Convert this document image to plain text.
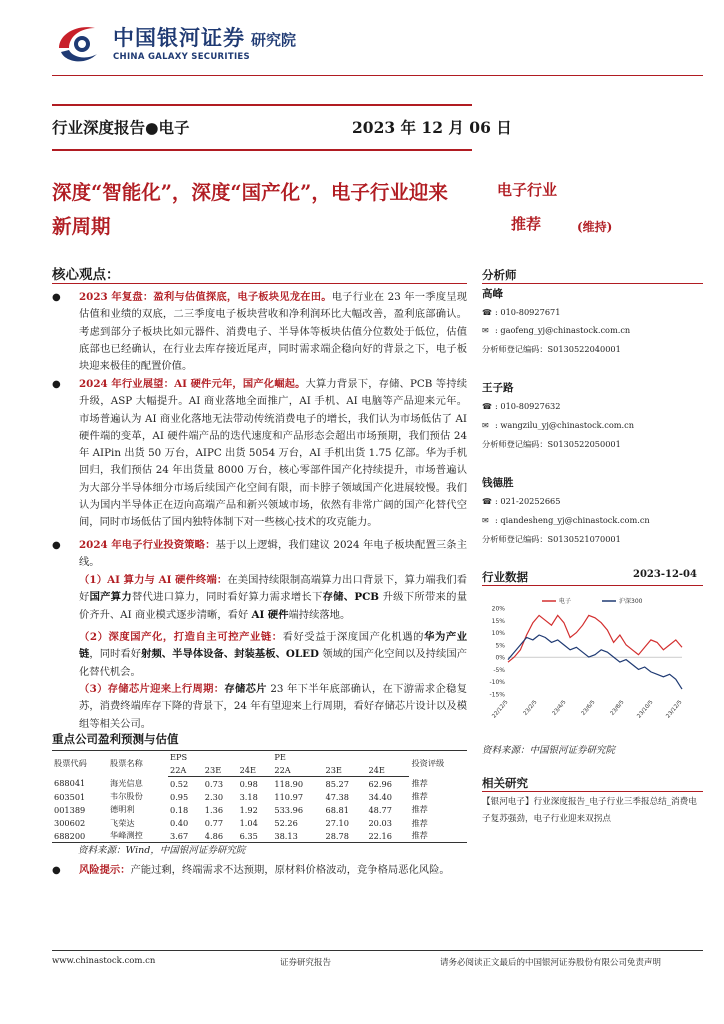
中国银河证券
CHINA GALAXY SECURITIES
研究院
行业深度报告●电子	2023 年 12 月 06 日
深度“智能化”，深度“国产化”，电子行业迎来
新周期
电子行业
推荐	(维持)
核心观点：
●	2023 年复盘：盈利与估值探底，电子板块见龙在田。电子行业在 23 年一季度呈现估值和业绩的双底，二三季度电子板块营收和净利润环比大幅改善，盈利底部确认。考虑到部分子板块比如元器件、消费电子、半导体等板块估值分位数处于低位，估值底部也已经确认，在行业去库存接近尾声，同时需求端企稳向好的背景之下，电子板块迎来极佳的配置价值。
●	2024 年行业展望：AI 硬件元年，国产化崛起。大算力背景下，存储、PCB 等持续升级，ASP 大幅提升。AI 商业落地全面推广，AI 手机、AI 电脑等产品迎来元年。市场普遍认为 AI 商业化落地无法带动传统消费电子的增长，我们认为市场低估了 AI 硬件端的变革，AI 硬件端产品的迭代速度和产品形态会超出市场预期，我们预估 24 年 AIPin 出货 50 万台，AIPC 出货 5054 万台，AI 手机出货 1.75 亿部。华为手机回归，我们预估 24 年出货量 8000 万台，核心零部件国产化持续提升，市场普遍认为大部分半导体细分市场后续国产化空间有限，而卡脖子领域国产化进展较慢。我们认为国内半导体正在迈向高端产品和新兴领域市场，依然有非常广阔的国产化替代空间，同时市场低估了国内独特体制下对一些核心技术的攻克能力。
●	2024 年电子行业投资策略：基于以上逻辑，我们建议 2024 年电子板块配置三条主线。
（1）AI 算力与 AI 硬件终端：在美国持续限制高端算力出口背景下，算力端我们看好国产算力替代进口算力，同时看好算力需求增长下存储、PCB 升级下所带来的量价齐升、AI 商业模式逐步清晰，看好 AI 硬件端持续落地。
（2）深度国产化，打造自主可控产业链：看好受益于深度国产化机遇的华为产业链，同时看好射频、半导体设备、封装基板、OLED 领域的国产化空间以及持续国产化替代机会。
（3）存储芯片迎来上行周期：存储芯片 23 年下半年底部确认，在下游需求企稳复苏，消费终端库存下降的背景下，24 年有望迎来上行周期，看好存储芯片设计以及模组等相关公司。
重点公司盈利预测与估值
股票代码	股票名称	EPS			PE			投资评级
		22A	23E	24E	22A	23E	24E	
688041	海光信息	0.52	0.73	0.98	118.90	85.27	62.96	推荐
603501	韦尔股份	0.95	2.30	3.18	110.97	47.38	34.40	推荐
001389	德明利	0.18	1.36	1.92	533.96	68.81	48.77	推荐
300602	飞荣达	0.40	0.77	1.04	52.26	27.10	20.03	推荐
688200	华峰测控	3.67	4.86	6.35	38.13	28.78	22.16	推荐
资料来源：Wind，中国银河证券研究院
●	风险提示：产能过剩，终端需求不达预期，原材料价格波动，竞争格局恶化风险。
分析师
高峰
☎ : 010-80927671
✉ : gaofeng_yj@chinastock.com.cn
分析师登记编码：S0130522040001
王子路
☎ : 010-80927632
✉ : wangzilu_yj@chinastock.com.cn
分析师登记编码：S0130522050001
钱德胜
☎ : 021-20252665
✉ : qiandesheng_yj@chinastock.com.cn
分析师登记编码：S0130521070001
行业数据	2023-12-04
20%
15%
10%
5%
0%
-5%
-10%
-15%
22/12/5 23/2/5 23/4/5 23/6/5 23/8/5 23/10/5 23/12/5
电子	沪深300
资料来源：中国银河证券研究院
相关研究
【银河电子】行业深度报告_电子行业三季报总结_消费电子复苏强劲，电子行业迎来双拐点
www.chinastock.com.cn	证券研究报告	请务必阅读正文最后的中国银河证券股份有限公司免责声明
